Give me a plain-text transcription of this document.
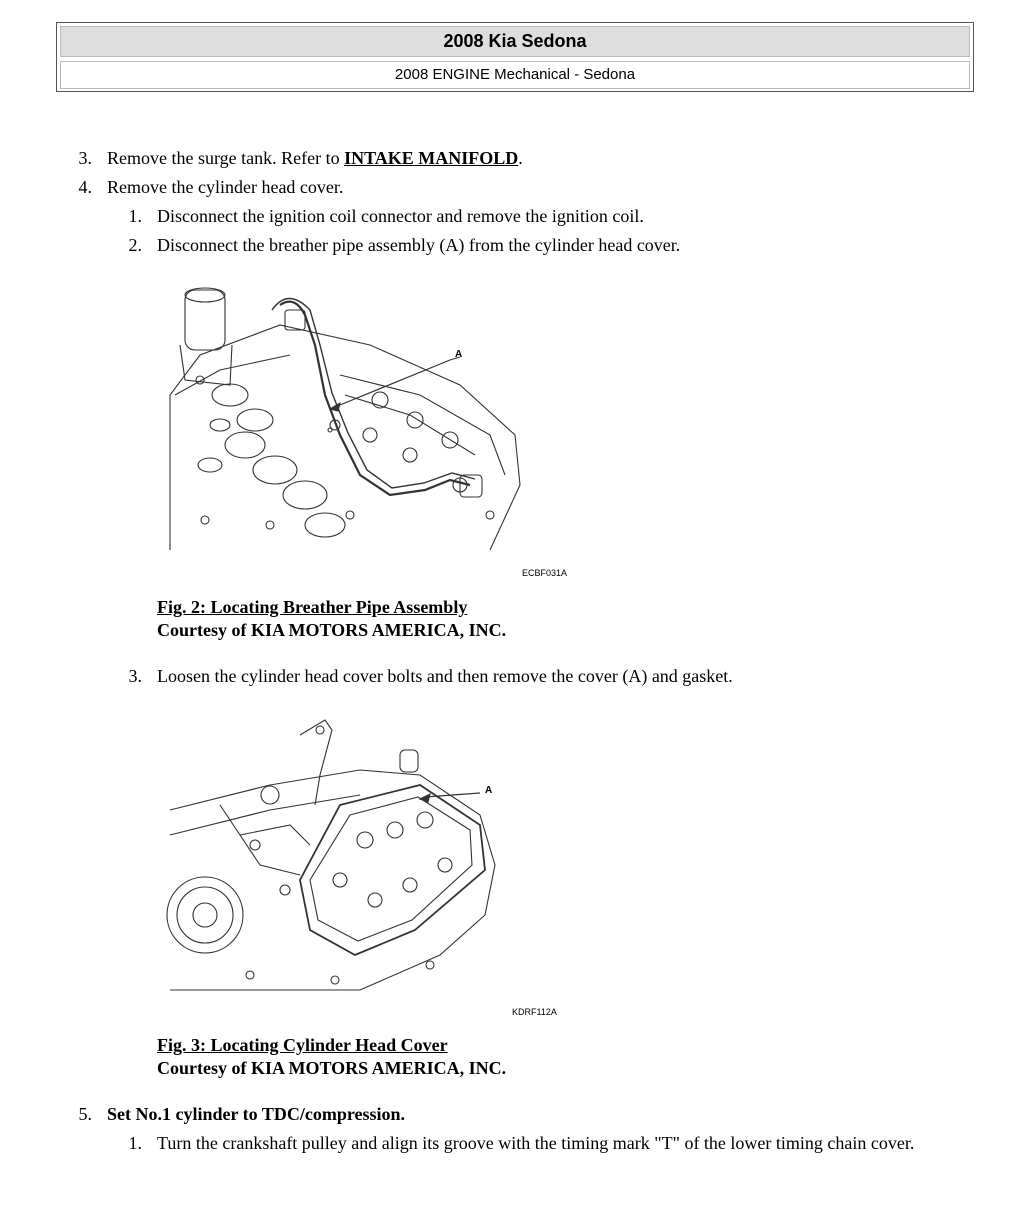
2008 Kia Sedona
2008 ENGINE Mechanical - Sedona
3. Remove the surge tank. Refer to INTAKE MANIFOLD.
4. Remove the cylinder head cover.
1. Disconnect the ignition coil connector and remove the ignition coil.
2. Disconnect the breather pipe assembly (A) from the cylinder head cover.
A
ECBF031A
Fig. 2: Locating Breather Pipe Assembly
Courtesy of KIA MOTORS AMERICA, INC.
3. Loosen the cylinder head cover bolts and then remove the cover (A) and gasket.
A
KDRF112A
Fig. 3: Locating Cylinder Head Cover
Courtesy of KIA MOTORS AMERICA, INC.
5. Set No.1 cylinder to TDC/compression.
1. Turn the crankshaft pulley and align its groove with the timing mark "T" of the lower timing chain cover.
